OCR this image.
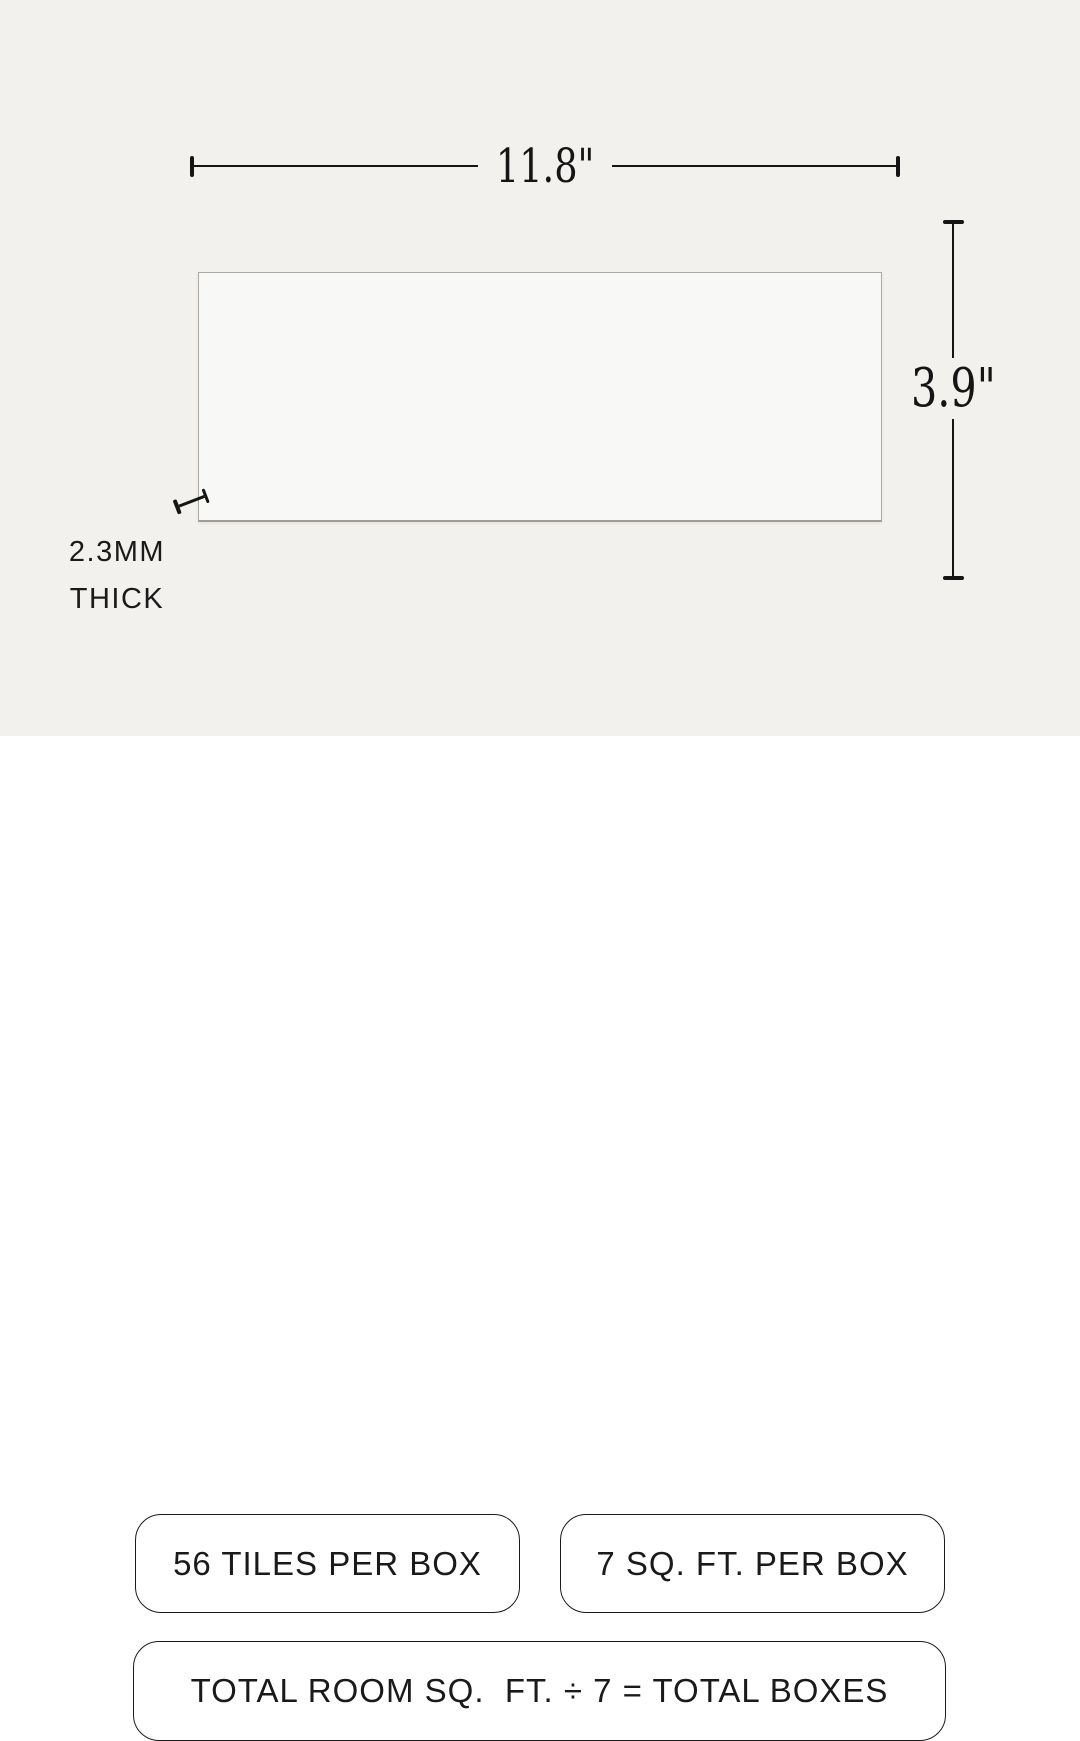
11.8"
3.9"
2.3MM
THICK
56 TILES PER BOX	7 SQ. FT. PER BOX
TOTAL ROOM SQ.  FT. ÷ 7 = TOTAL BOXES
